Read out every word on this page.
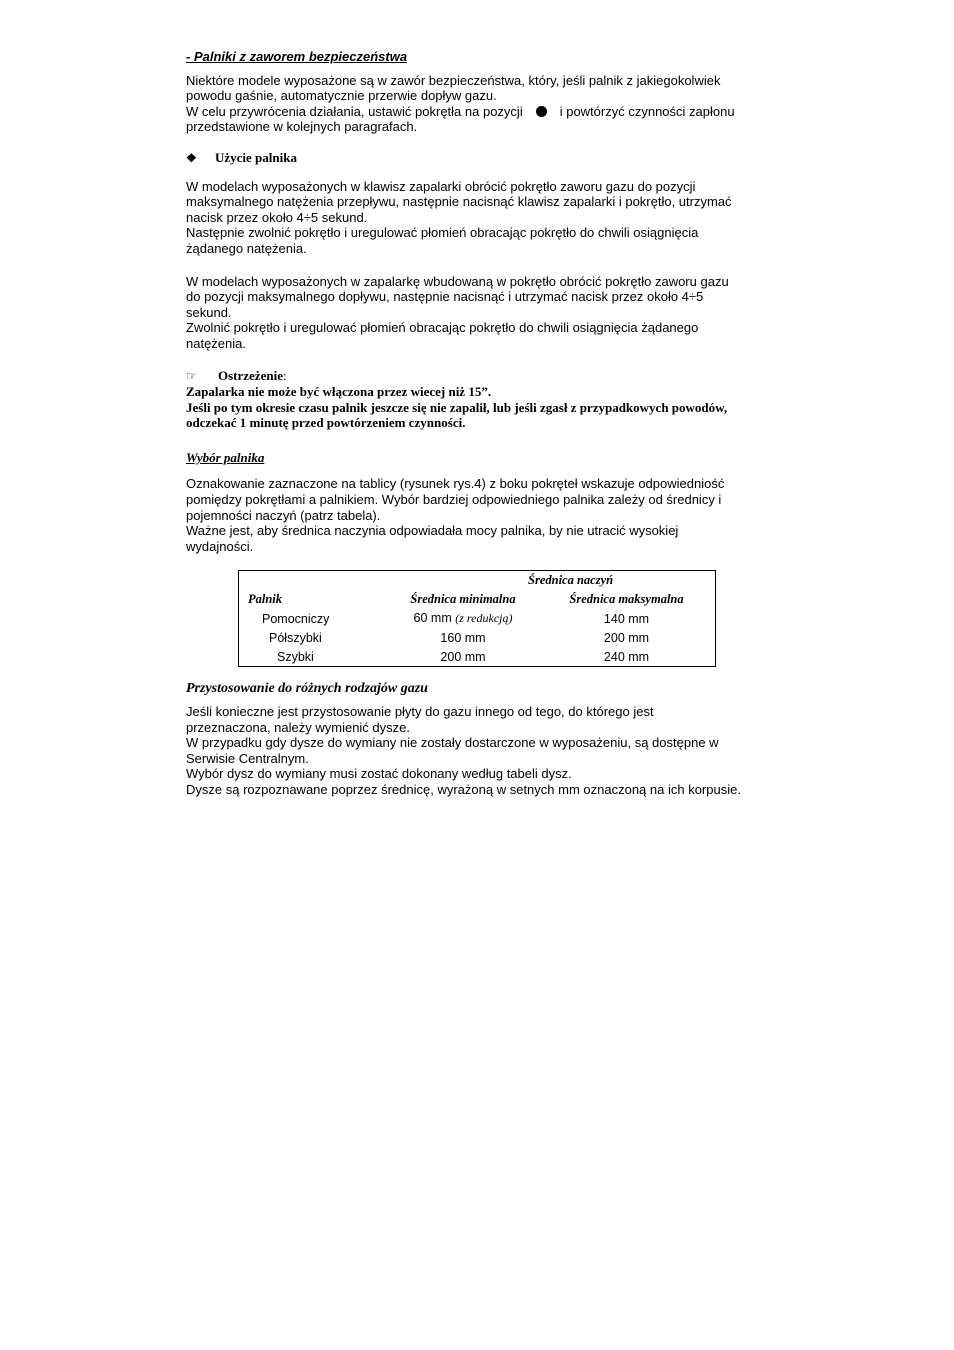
- Palniki z zaworem bezpieczeństwa
Niektóre modele wyposażone są w zawór bezpieczeństwa, który, jeśli palnik z jakiegokolwiek
powodu gaśnie, automatycznie przerwie dopływ gazu.
W celu przywrócenia działania, ustawić pokrętła na pozycji	i powtórzyć czynności zapłonu
przedstawione w kolejnych paragrafach.
❖ Użycie palnika
W modelach wyposażonych w klawisz zapalarki obrócić pokrętło zaworu gazu do pozycji
maksymalnego natężenia przepływu, następnie nacisnąć klawisz zapalarki i pokrętło, utrzymać
nacisk przez około 4÷5 sekund.
Następnie zwolnić pokrętło i uregulować płomień obracając pokrętło do chwili osiągnięcia
żądanego natężenia.
W modelach wyposażonych w zapalarkę wbudowaną w pokrętło obrócić pokrętło zaworu gazu
do pozycji maksymalnego dopływu, następnie nacisnąć i utrzymać nacisk przez około 4÷5
sekund.
Zwolnić pokrętło i uregulować płomień obracając pokrętło do chwili osiągnięcia żądanego
natężenia.
☞ Ostrzeżenie:
Zapalarka nie może być włączona przez wiecej niż 15”.
Jeśli po tym okresie czasu palnik jeszcze się nie zapalił, lub jeśli zgasł z przypadkowych powodów,
odczekać 1 minutę przed powtórzeniem czynności.
Wybór palnika
Oznakowanie zaznaczone na tablicy (rysunek rys.4) z boku pokręteł wskazuje odpowiedniość
pomiędzy pokrętłami a palnikiem. Wybór bardziej odpowiedniego palnika zależy od średnicy i
pojemności naczyń (patrz tabela).
Ważne jest, aby średnica naczynia odpowiadała mocy palnika, by nie utracić wysokiej
wydajności.
	Średnica naczyń	
Palnik	Średnica minimalna	Średnica maksymalna
Pomocniczy	60 mm (z redukcją)	140 mm
Półszybki	160 mm	200 mm
Szybki	200 mm	240 mm
Przystosowanie do różnych rodzajów gazu
Jeśli konieczne jest przystosowanie płyty do gazu innego od tego, do którego jest
przeznaczona, należy wymienić dysze.
W przypadku gdy dysze do wymiany nie zostały dostarczone w wyposażeniu, są dostępne w
Serwisie Centralnym.
Wybór dysz do wymiany musi zostać dokonany według tabeli dysz.
Dysze są rozpoznawane poprzez średnicę, wyrażoną w setnych mm oznaczoną na ich korpusie.
